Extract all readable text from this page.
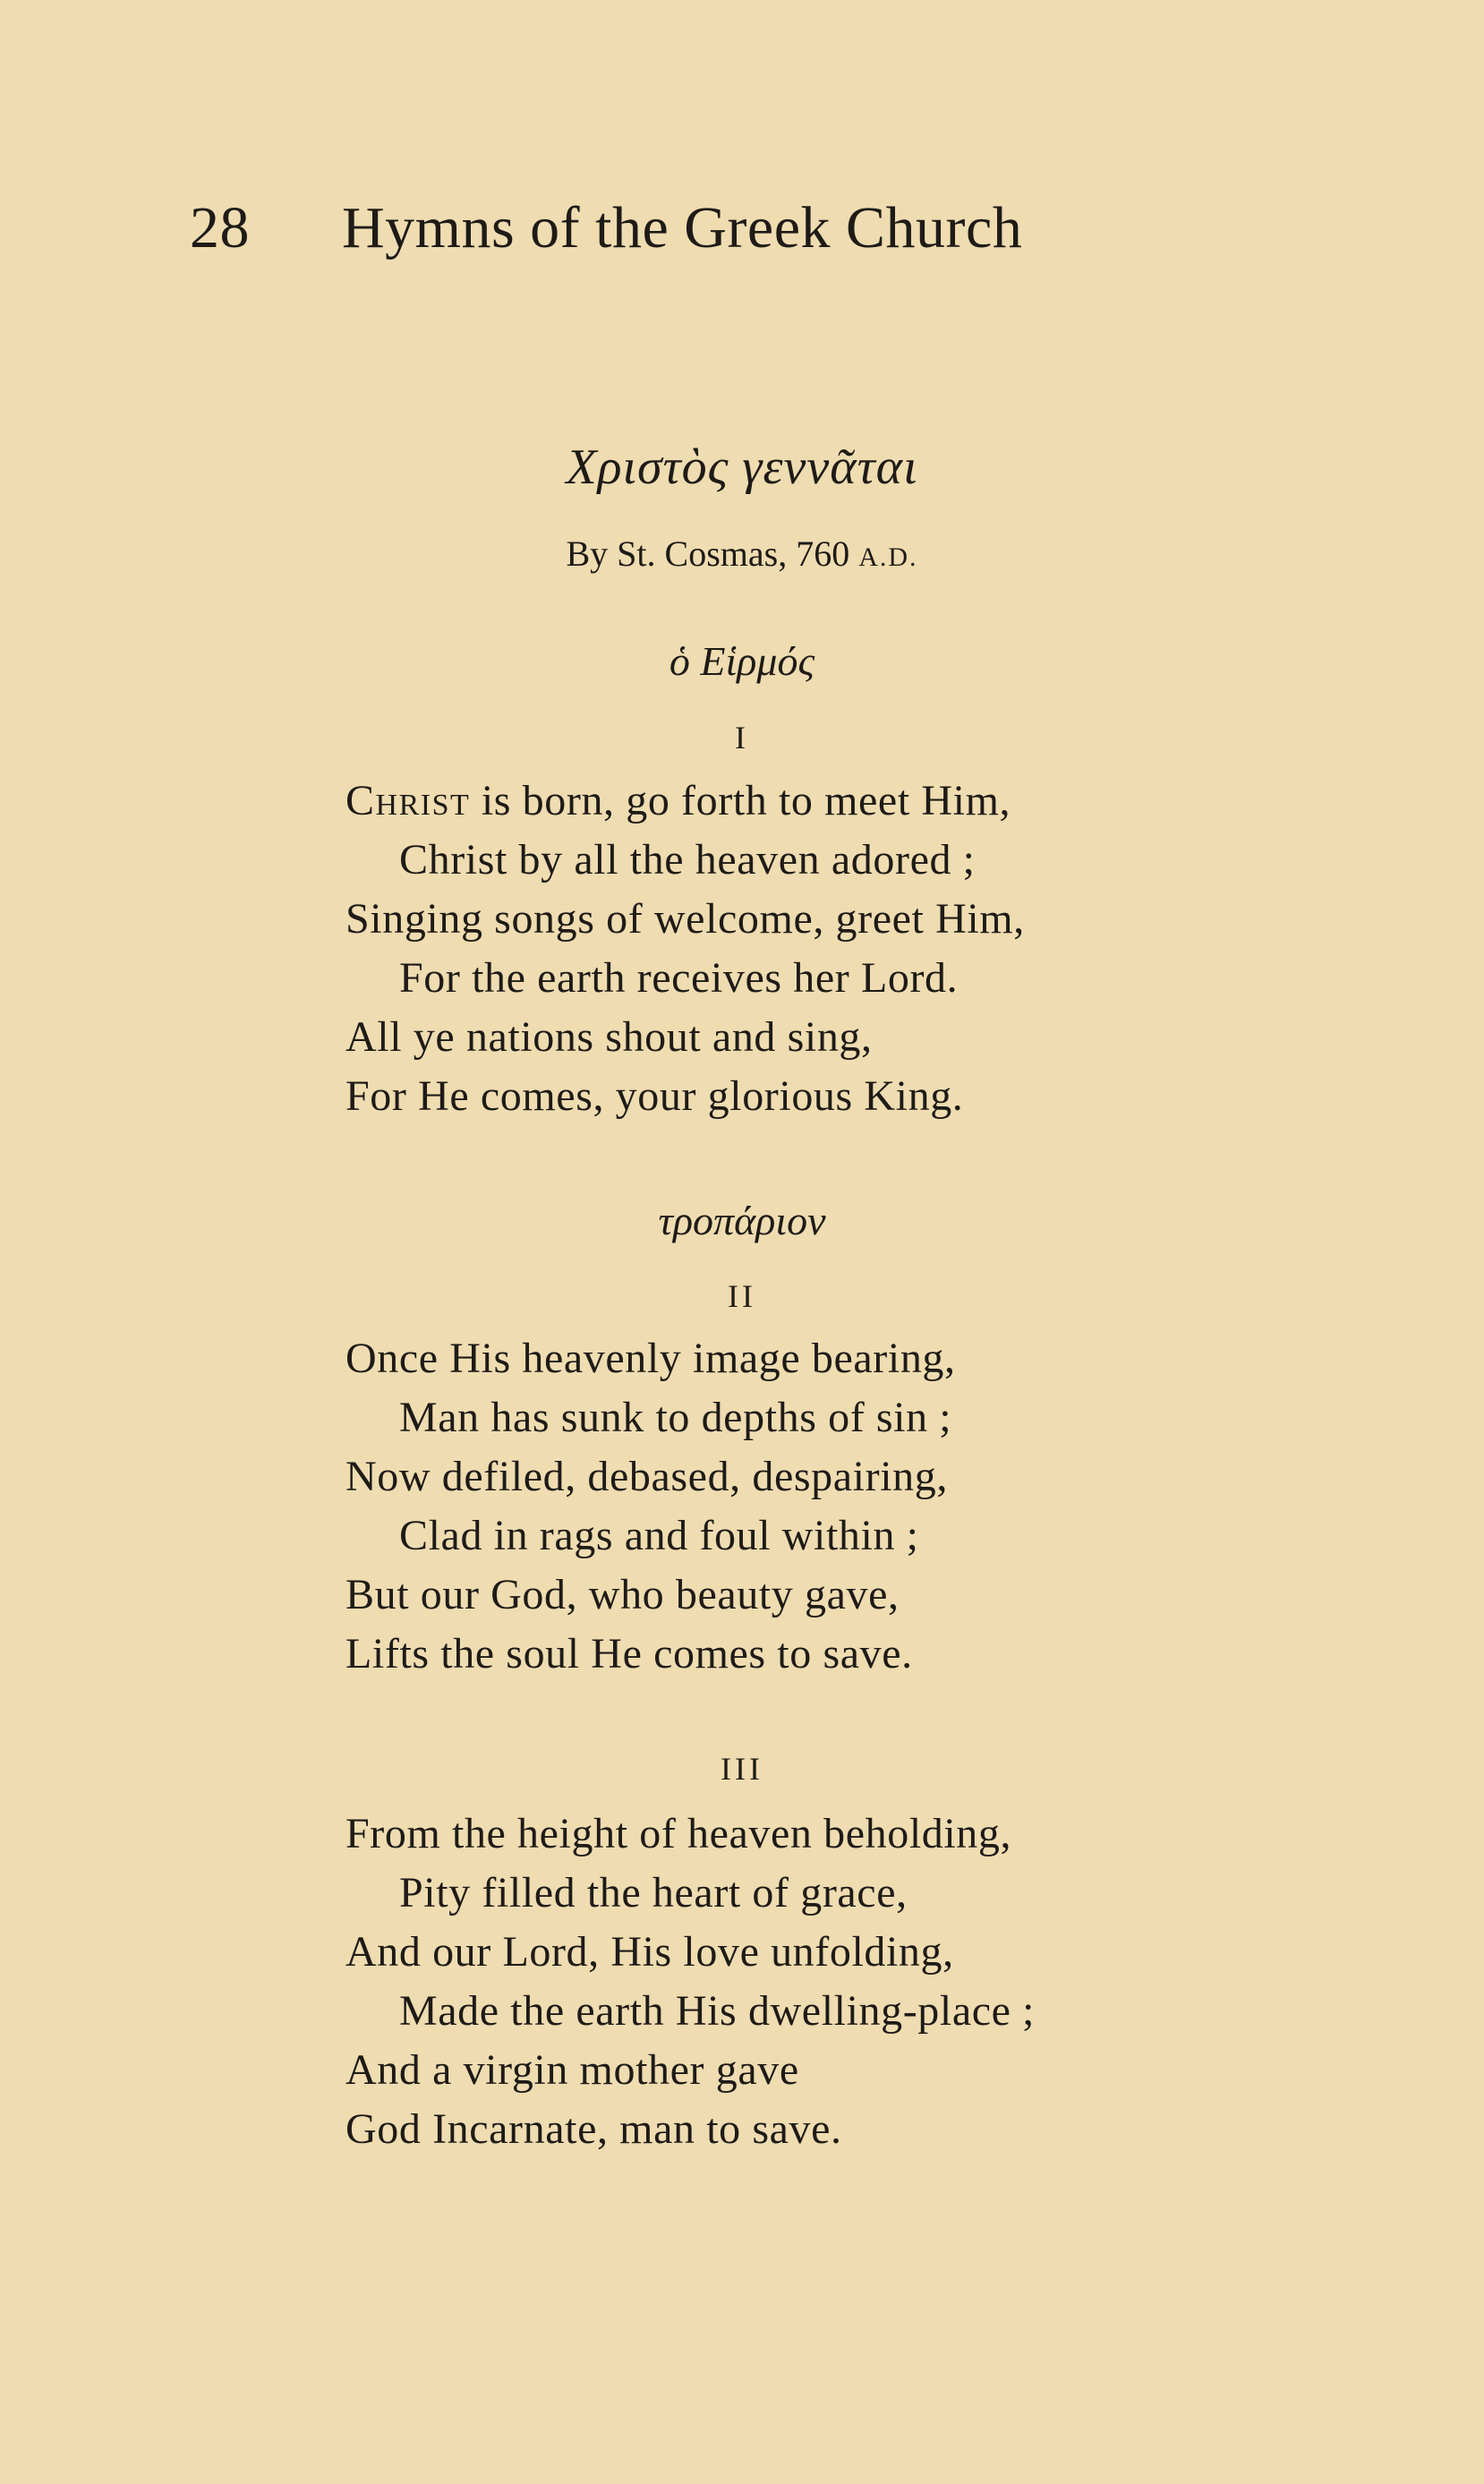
28 Hymns of the Greek Church
Χριστὸς γεννᾶται
By St. Cosmas, 760 A.D.
ὁ Εἱρμός
I
Christ is born, go forth to meet Him,
Christ by all the heaven adored ;
Singing songs of welcome, greet Him,
For the earth receives her Lord.
All ye nations shout and sing,
For He comes, your glorious King.
τροπάριον
II
Once His heavenly image bearing,
Man has sunk to depths of sin ;
Now defiled, debased, despairing,
Clad in rags and foul within ;
But our God, who beauty gave,
Lifts the soul He comes to save.
III
From the height of heaven beholding,
Pity filled the heart of grace,
And our Lord, His love unfolding,
Made the earth His dwelling-place ;
And a virgin mother gave
God Incarnate, man to save.
